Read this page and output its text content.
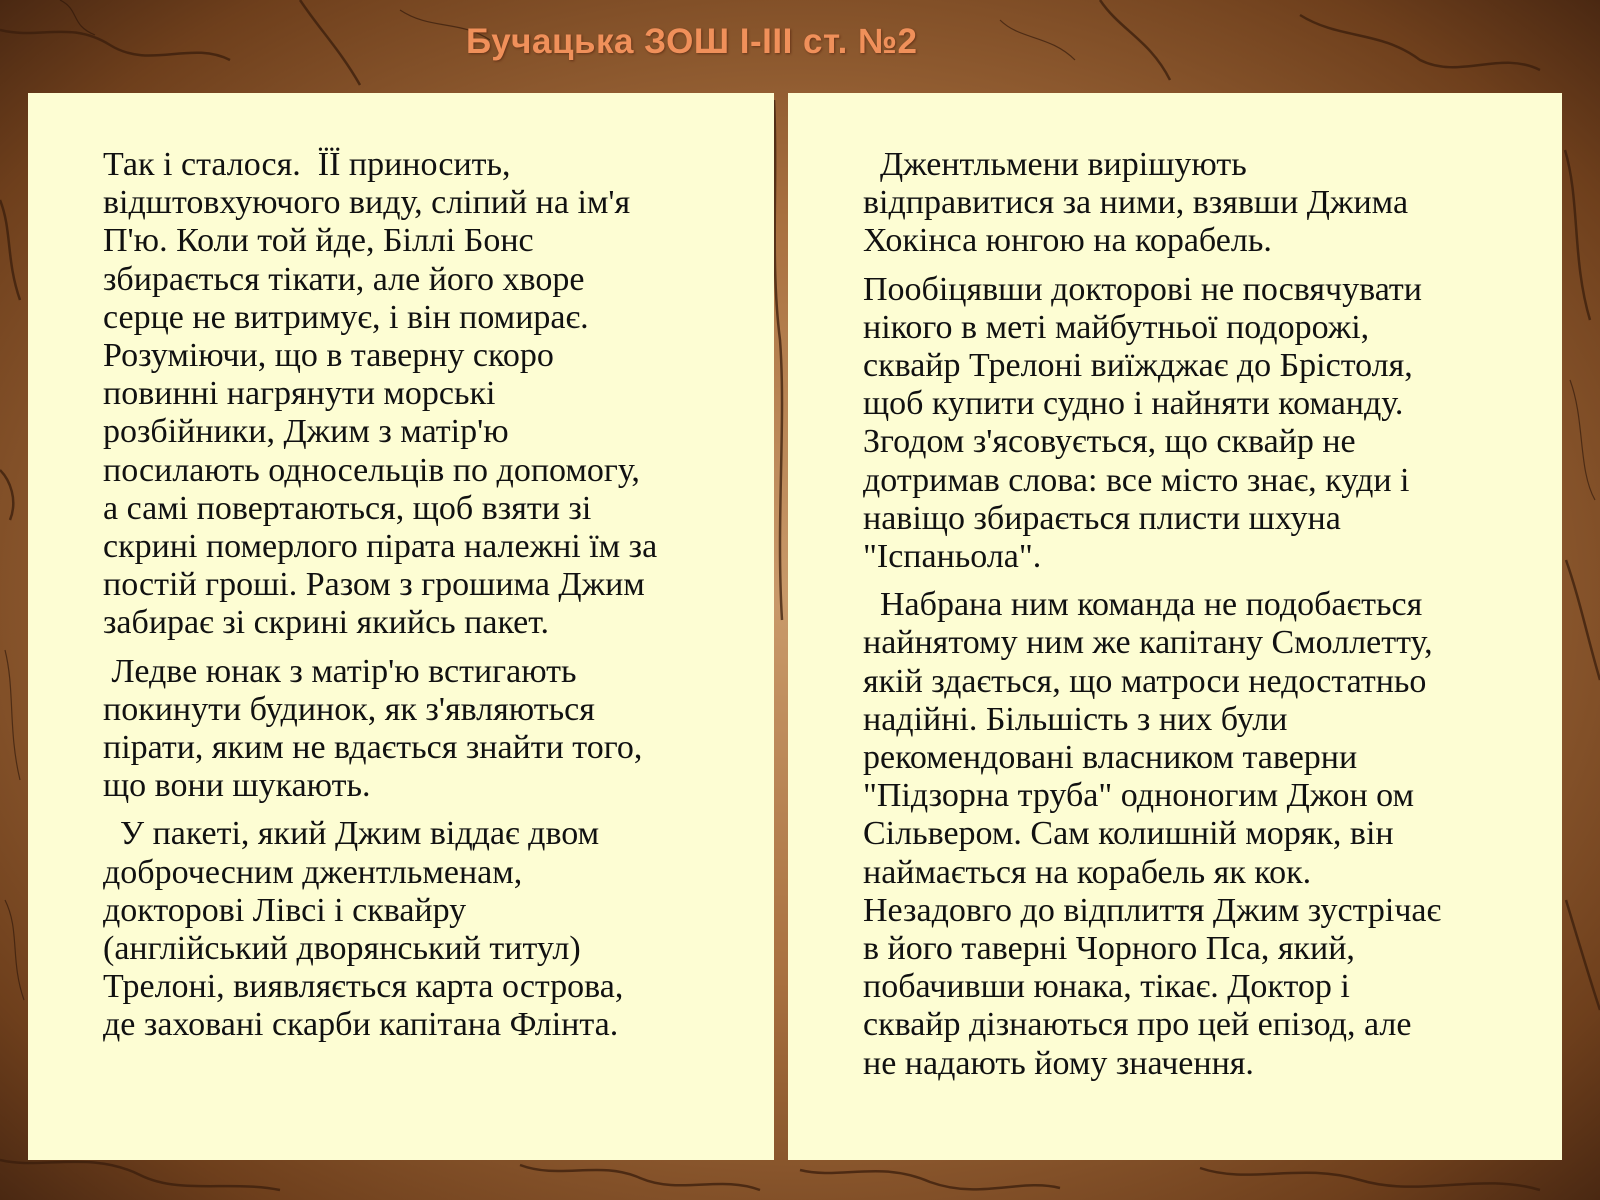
Бучацька ЗОШ І-ІІІ ст. №2

Так і сталося.  ЇЇ приносить,
відштовхуючого виду, сліпий на ім'я
П'ю. Коли той йде, Біллі Бонс
збирається тікати, але його хворе
серце не витримує, і він помирає.
Розуміючи, що в таверну скоро
повинні нагрянути морські
розбійники, Джим з матір'ю
посилають односельців по допомогу,
а самі повертаються, щоб взяти зі
скрині померлого пірата належні їм за
постій гроші. Разом з грошима Джим
забирає зі скрині якийсь пакет.

Ледве юнак з матір'ю встигають
покинути будинок, як з'являються
пірати, яким не вдається знайти того,
що вони шукають.

У пакеті, який Джим віддає двом
доброчесним джентльменам,
докторові Лівсі і сквайру
(англійський дворянський титул)
Трелоні, виявляється карта острова,
де заховані скарби капітана Флінта.

Джентльмени вирішують
відправитися за ними, взявши Джима
Хокінса юнгою на корабель.

Пообіцявши докторові не посвячувати
нікого в меті майбутньої подорожі,
сквайр Трелоні виїжджає до Брістоля,
щоб купити судно і найняти команду.
Згодом з'ясовується, що сквайр не
дотримав слова: все місто знає, куди і
навіщо збирається плисти шхуна
"Іспаньола".

Набрана ним команда не подобається
найнятому ним же капітану Смоллетту,
якій здається, що матроси недостатньо
надійні. Більшість з них були
рекомендовані власником таверни
"Підзорна труба" одноногим Джон ом
Сільвером. Сам колишній моряк, він
наймається на корабель як кок.
Незадовго до відплиття Джим зустрічає
в його таверні Чорного Пса, який,
побачивши юнака, тікає. Доктор і
сквайр дізнаються про цей епізод, але
не надають йому значення.
